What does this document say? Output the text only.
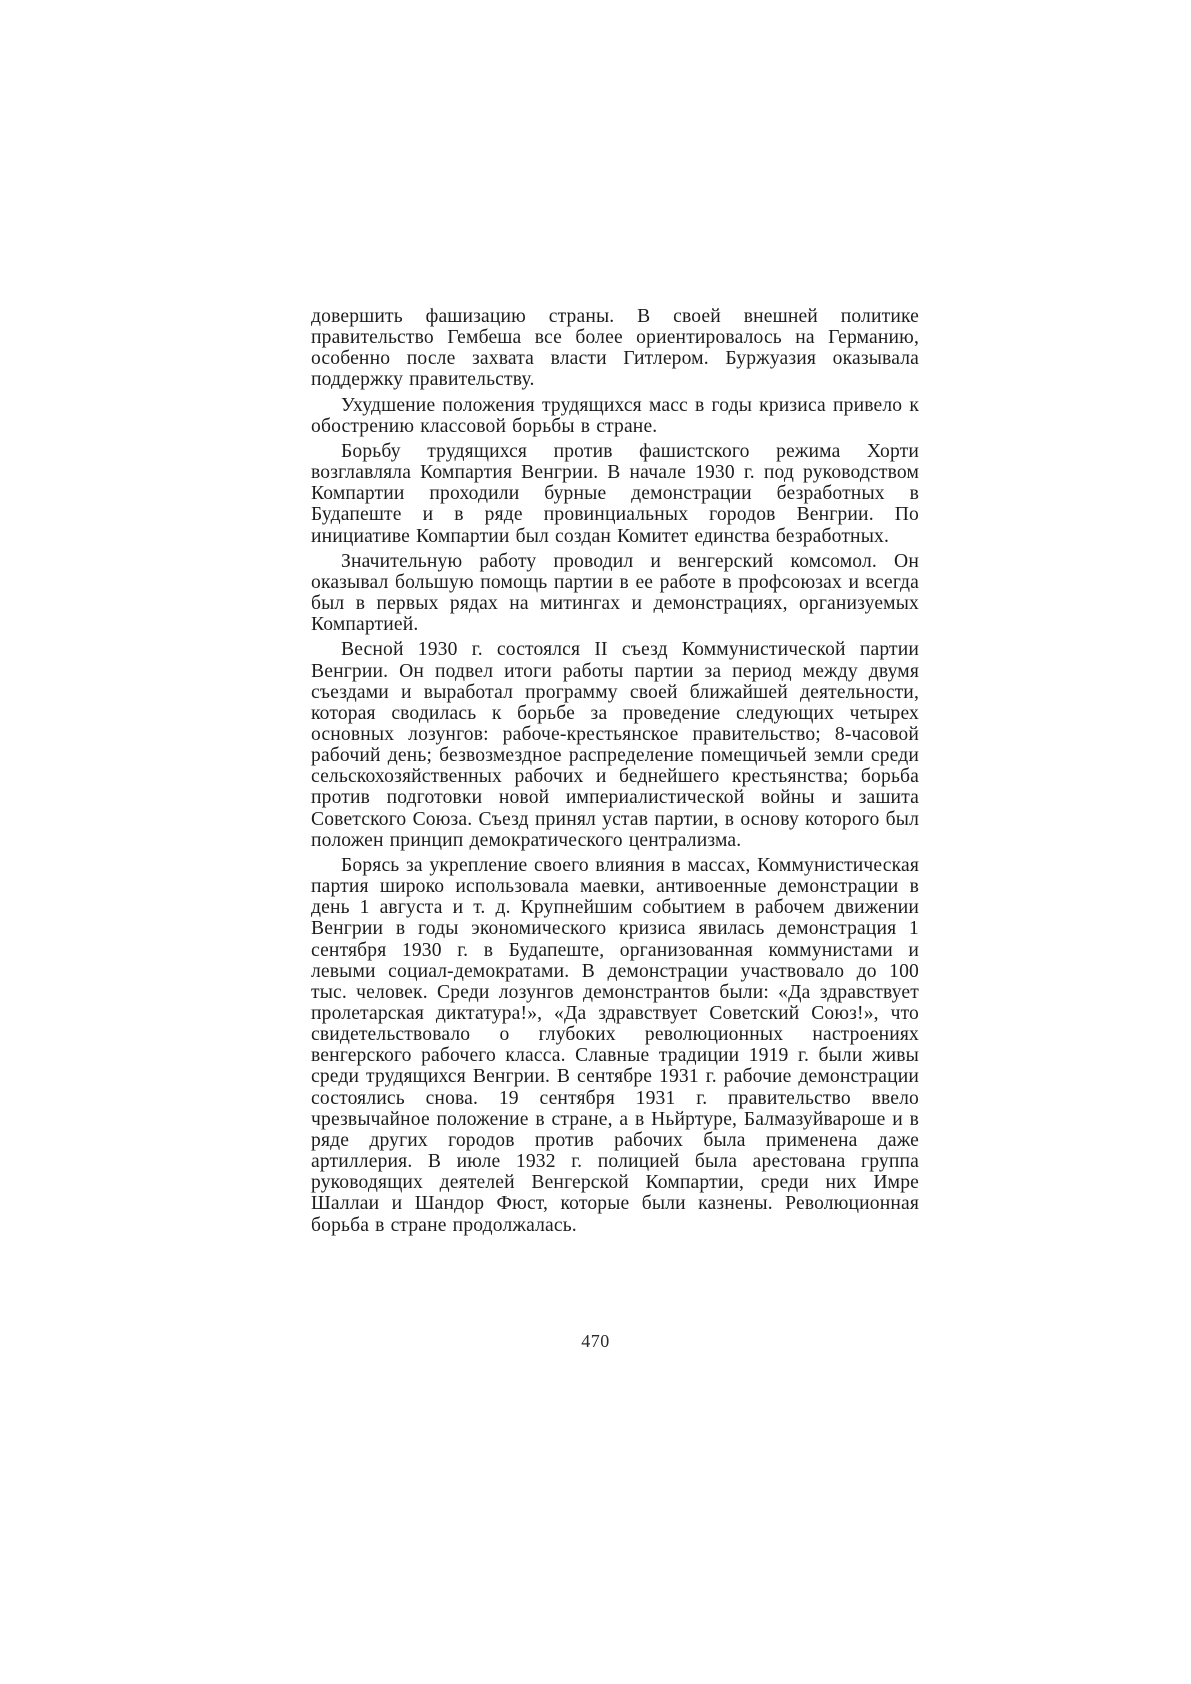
довершить фашизацию страны. В своей внешней политике правительство Гембеша все более ориентировалось на Германию, особенно после захвата власти Гитлером. Буржуазия оказывала поддержку правительству.

Ухудшение положения трудящихся масс в годы кризиса привело к обострению классовой борьбы в стране.

Борьбу трудящихся против фашистского режима Хорти возглавляла Компартия Венгрии. В начале 1930 г. под руководством Компартии проходили бурные демонстрации безработных в Будапеште и в ряде провинциальных городов Венгрии. По инициативе Компартии был создан Комитет единства безработных.

Значительную работу проводил и венгерский комсомол. Он оказывал большую помощь партии в ее работе в профсоюзах и всегда был в первых рядах на митингах и демонстрациях, организуемых Компартией.

Весной 1930 г. состоялся II съезд Коммунистической партии Венгрии. Он подвел итоги работы партии за период между двумя съездами и выработал программу своей ближайшей деятельности, которая сводилась к борьбе за проведение следующих четырех основных лозунгов: рабоче-крестьянское правительство; 8-часовой рабочий день; безвозмездное распределение помещичьей земли среди сельскохозяйственных рабочих и беднейшего крестьянства; борьба против подготовки новой империалистической войны и зашита Советского Союза. Съезд принял устав партии, в основу которого был положен принцип демократического централизма.

Борясь за укрепление своего влияния в массах, Коммунистическая партия широко использовала маевки, антивоенные демонстрации в день 1 августа и т. д. Крупнейшим событием в рабочем движении Венгрии в годы экономического кризиса явилась демонстрация 1 сентября 1930 г. в Будапеште, организованная коммунистами и левыми социал-демократами. В демонстрации участвовало до 100 тыс. человек. Среди лозунгов демонстрантов были: «Да здравствует пролетарская диктатура!», «Да здравствует Советский Союз!», что свидетельствовало о глубоких революционных настроениях венгерского рабочего класса. Славные традиции 1919 г. были живы среди трудящихся Венгрии. В сентябре 1931 г. рабочие демонстрации состоялись снова. 19 сентября 1931 г. правительство ввело чрезвычайное положение в стране, а в Ньйртуре, Балмазуйвароше и в ряде других городов против рабочих была применена даже артиллерия. В июле 1932 г. полицией была арестована группа руководящих деятелей Венгерской Компартии, среди них Имре Шаллаи и Шандор Фюст, которые были казнены. Революционная борьба в стране продолжалась.

470
